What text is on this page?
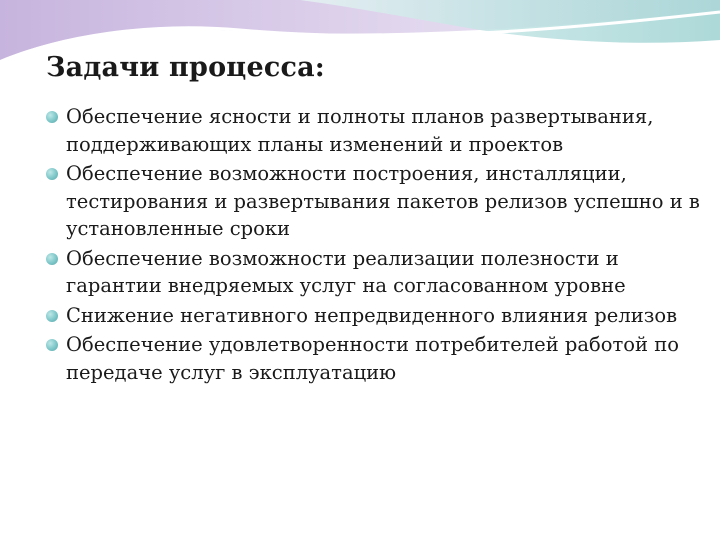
Задачи процесса:
Обеспечение ясности и полноты планов развертывания, поддерживающих планы изменений и проектов
Обеспечение возможности построения, инсталляции, тестирования и развертывания пакетов релизов успешно и в установленные сроки
Обеспечение возможности реализации полезности и гарантии внедряемых услуг на согласованном уровне
Снижение негативного непредвиденного влияния релизов
Обеспечение удовлетворенности потребителей работой по передаче услуг в эксплуатацию
